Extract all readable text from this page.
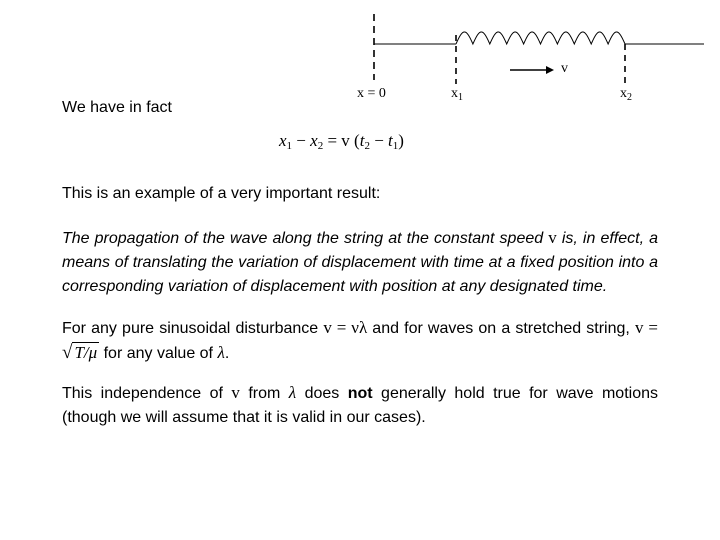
x = 0	$x_1$	$x_2$
v
We have in fact
$x_1 - x_2 = v$ $(t_2 - t_1)$
This is an example of a very important result:
The propagation of the wave along the string at the constant speed v is, in effect, a means of translating the variation of displacement with time at a fixed position into a corresponding variation of displacement with position at any designated time.
For any pure sinusoidal disturbance v = νλ and for waves on a stretched string, v = √ T/μ for any value of λ.
This independence of v from λ does not generally hold true for wave motions (though we will assume that it is valid in our cases).
